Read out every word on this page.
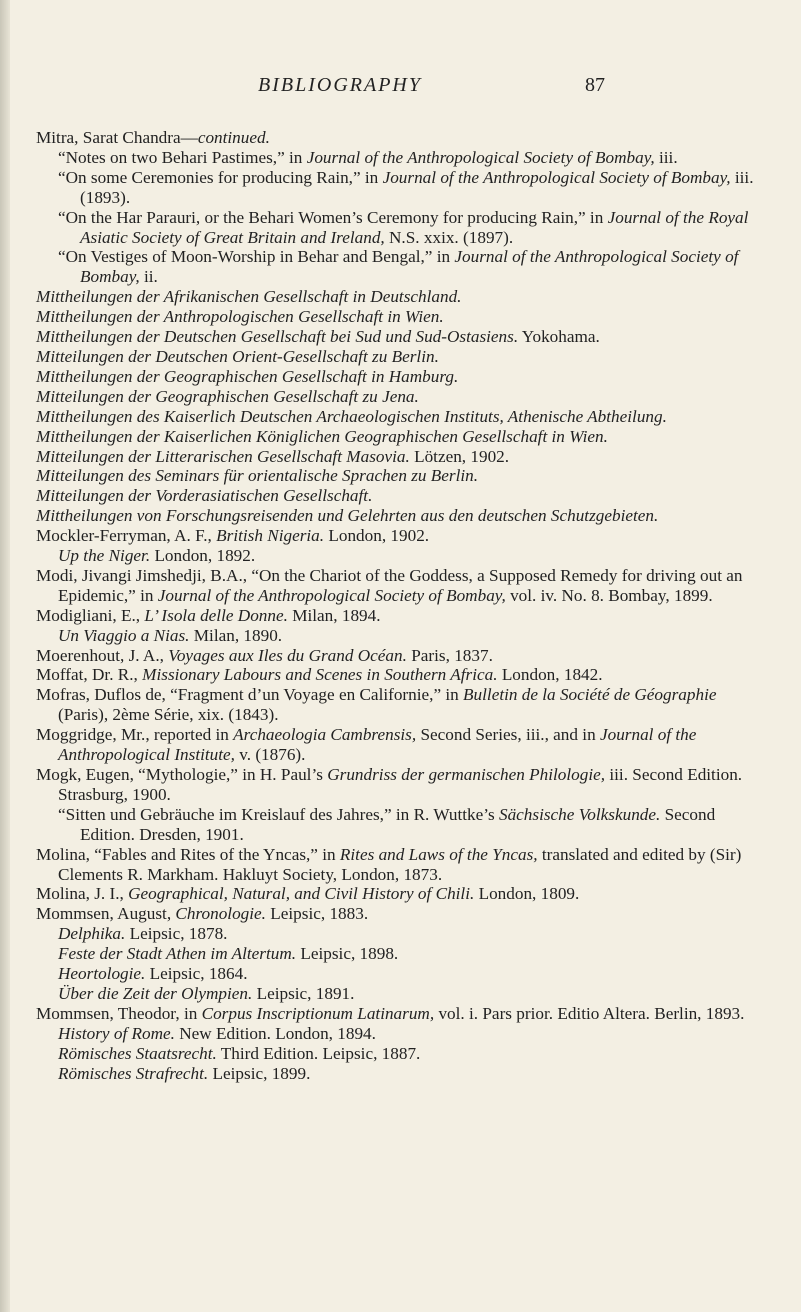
BIBLIOGRAPHY	87

Mitra, Sarat Chandra—continued.

“Notes on two Behari Pastimes,” in Journal of the Anthropological Society of Bombay, iii.

“On some Ceremonies for producing Rain,” in Journal of the Anthropological Society of Bombay, iii. (1893).

“On the Har Parauri, or the Behari Women’s Ceremony for producing Rain,” in Journal of the Royal Asiatic Society of Great Britain and Ireland, N.S. xxix. (1897).

“On Vestiges of Moon-Worship in Behar and Bengal,” in Journal of the Anthropological Society of Bombay, ii.

Mittheilungen der Afrikanischen Gesellschaft in Deutschland.

Mittheilungen der Anthropologischen Gesellschaft in Wien.

Mittheilungen der Deutschen Gesellschaft bei Sud und Sud-Ostasiens. Yokohama.

Mitteilungen der Deutschen Orient-Gesellschaft zu Berlin.

Mittheilungen der Geographischen Gesellschaft in Hamburg.

Mitteilungen der Geographischen Gesellschaft zu Jena.

Mittheilungen des Kaiserlich Deutschen Archaeologischen Instituts, Athenische Abtheilung.

Mittheilungen der Kaiserlichen Königlichen Geographischen Gesellschaft in Wien.

Mitteilungen der Litterarischen Gesellschaft Masovia. Lötzen, 1902.

Mitteilungen des Seminars für orientalische Sprachen zu Berlin.

Mitteilungen der Vorderasiatischen Gesellschaft.

Mittheilungen von Forschungsreisenden und Gelehrten aus den deutschen Schutzgebieten.

Mockler-Ferryman, A. F., British Nigeria. London, 1902.

Up the Niger. London, 1892.

Modi, Jivangi Jimshedji, B.A., “On the Chariot of the Goddess, a Supposed Remedy for driving out an Epidemic,” in Journal of the Anthropological Society of Bombay, vol. iv. No. 8. Bombay, 1899.

Modigliani, E., L’ Isola delle Donne. Milan, 1894.

Un Viaggio a Nias. Milan, 1890.

Moerenhout, J. A., Voyages aux Iles du Grand Océan. Paris, 1837.

Moffat, Dr. R., Missionary Labours and Scenes in Southern Africa. London, 1842.

Mofras, Duflos de, “Fragment d’un Voyage en Californie,” in Bulletin de la Société de Géographie (Paris), 2ème Série, xix. (1843).

Moggridge, Mr., reported in Archaeologia Cambrensis, Second Series, iii., and in Journal of the Anthropological Institute, v. (1876).

Mogk, Eugen, “Mythologie,” in H. Paul’s Grundriss der germanischen Philologie, iii. Second Edition. Strasburg, 1900.

“Sitten und Gebräuche im Kreislauf des Jahres,” in R. Wuttke’s Sächsische Volkskunde. Second Edition. Dresden, 1901.

Molina, “Fables and Rites of the Yncas,” in Rites and Laws of the Yncas, translated and edited by (Sir) Clements R. Markham. Hakluyt Society, London, 1873.

Molina, J. I., Geographical, Natural, and Civil History of Chili. London, 1809.

Mommsen, August, Chronologie. Leipsic, 1883.

Delphika. Leipsic, 1878.

Feste der Stadt Athen im Altertum. Leipsic, 1898.

Heortologie. Leipsic, 1864.

Über die Zeit der Olympien. Leipsic, 1891.

Mommsen, Theodor, in Corpus Inscriptionum Latinarum, vol. i. Pars prior. Editio Altera. Berlin, 1893.

History of Rome. New Edition. London, 1894.

Römisches Staatsrecht. Third Edition. Leipsic, 1887.

Römisches Strafrecht. Leipsic, 1899.
